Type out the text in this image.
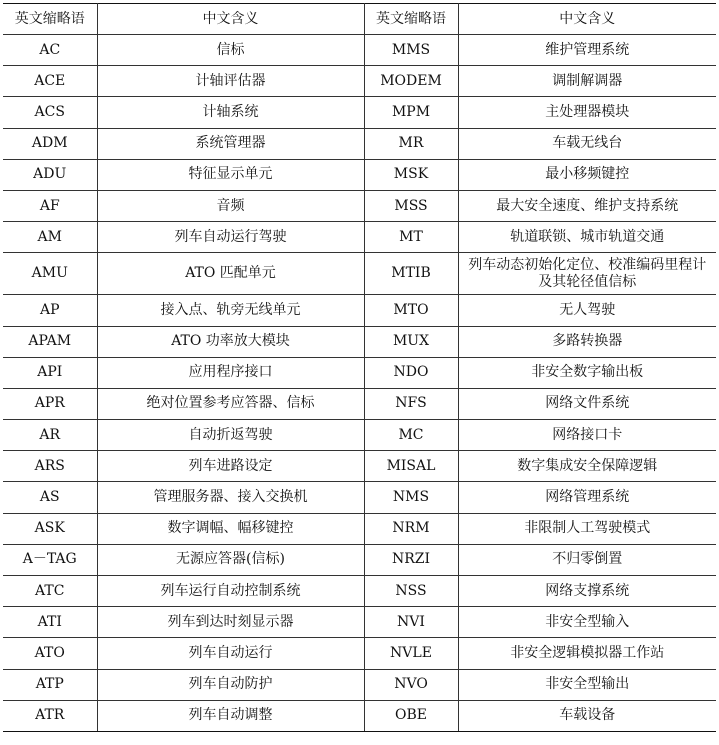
英文缩略语	中文含义	英文缩略语	中文含义
AC	信标	MMS	维护管理系统
ACE	计轴评估器	MODEM	调制解调器
ACS	计轴系统	MPM	主处理器模块
ADM	系统管理器	MR	车载无线台
ADU	特征显示单元	MSK	最小移频键控
AF	音频	MSS	最大安全速度、维护支持系统
AM	列车自动运行驾驶	MT	轨道联锁、城市轨道交通
AMU	ATO 匹配单元	MTIB	列车动态初始化定位、校准编码里程计及其轮径值信标
AP	接入点、轨旁无线单元	MTO	无人驾驶
APAM	ATO 功率放大模块	MUX	多路转换器
API	应用程序接口	NDO	非安全数字输出板
APR	绝对位置参考应答器、信标	NFS	网络文件系统
AR	自动折返驾驶	MC	网络接口卡
ARS	列车进路设定	MISAL	数字集成安全保障逻辑
AS	管理服务器、接入交换机	NMS	网络管理系统
ASK	数字调幅、幅移键控	NRM	非限制人工驾驶模式
A－TAG	无源应答器(信标)	NRZI	不归零倒置
ATC	列车运行自动控制系统	NSS	网络支撑系统
ATI	列车到达时刻显示器	NVI	非安全型输入
ATO	列车自动运行	NVLE	非安全逻辑模拟器工作站
ATP	列车自动防护	NVO	非安全型输出
ATR	列车自动调整	OBE	车载设备
